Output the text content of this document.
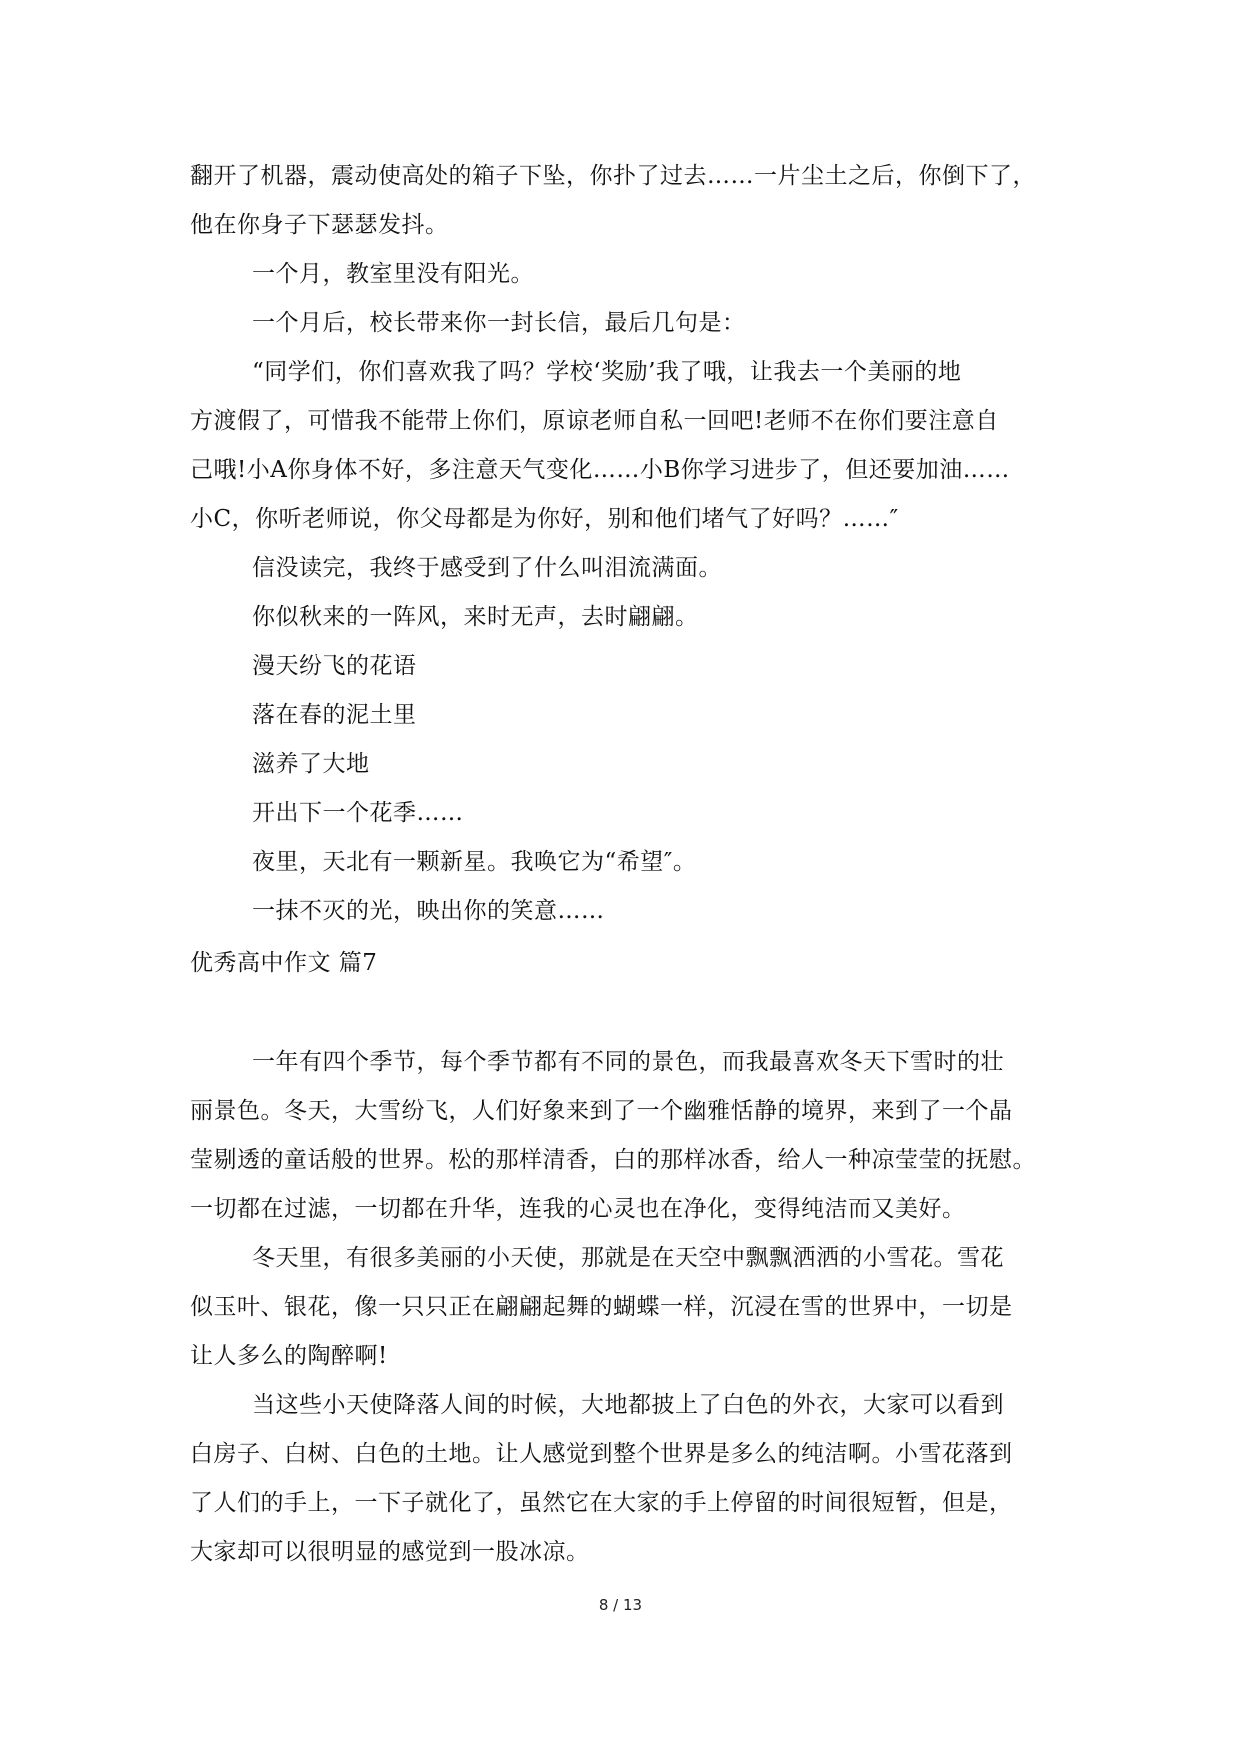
翻开了机器，震动使高处的箱子下坠，你扑了过去……一片尘土之后，你倒下了，

他在你身子下瑟瑟发抖。

一个月，教室里没有阳光。

一个月后，校长带来你一封长信，最后几句是：

“同学们，你们喜欢我了吗？学校‘奖励’我了哦，让我去一个美丽的地

方渡假了，可惜我不能带上你们，原谅老师自私一回吧!老师不在你们要注意自

己哦!小A你身体不好，多注意天气变化……小B你学习进步了，但还要加油……

小C，你听老师说，你父母都是为你好，别和他们堵气了好吗？……″

信没读完，我终于感受到了什么叫泪流满面。

你似秋来的一阵风，来时无声，去时翩翩。

漫天纷飞的花语

落在春的泥土里

滋养了大地

开出下一个花季……

夜里，天北有一颗新星。我唤它为“希望″。

一抹不灭的光，映出你的笑意……

优秀高中作文 篇7

一年有四个季节，每个季节都有不同的景色，而我最喜欢冬天下雪时的壮

丽景色。冬天，大雪纷飞，人们好象来到了一个幽雅恬静的境界，来到了一个晶

莹剔透的童话般的世界。松的那样清香，白的那样冰香，给人一种凉莹莹的抚慰。

一切都在过滤，一切都在升华，连我的心灵也在净化，变得纯洁而又美好。

冬天里，有很多美丽的小天使，那就是在天空中飘飘洒洒的小雪花。雪花

似玉叶、银花，像一只只正在翩翩起舞的蝴蝶一样，沉浸在雪的世界中，一切是

让人多么的陶醉啊!

当这些小天使降落人间的时候，大地都披上了白色的外衣，大家可以看到

白房子、白树、白色的土地。让人感觉到整个世界是多么的纯洁啊。小雪花落到

了人们的手上，一下子就化了，虽然它在大家的手上停留的时间很短暂，但是，

大家却可以很明显的感觉到一股冰凉。

8 / 13
